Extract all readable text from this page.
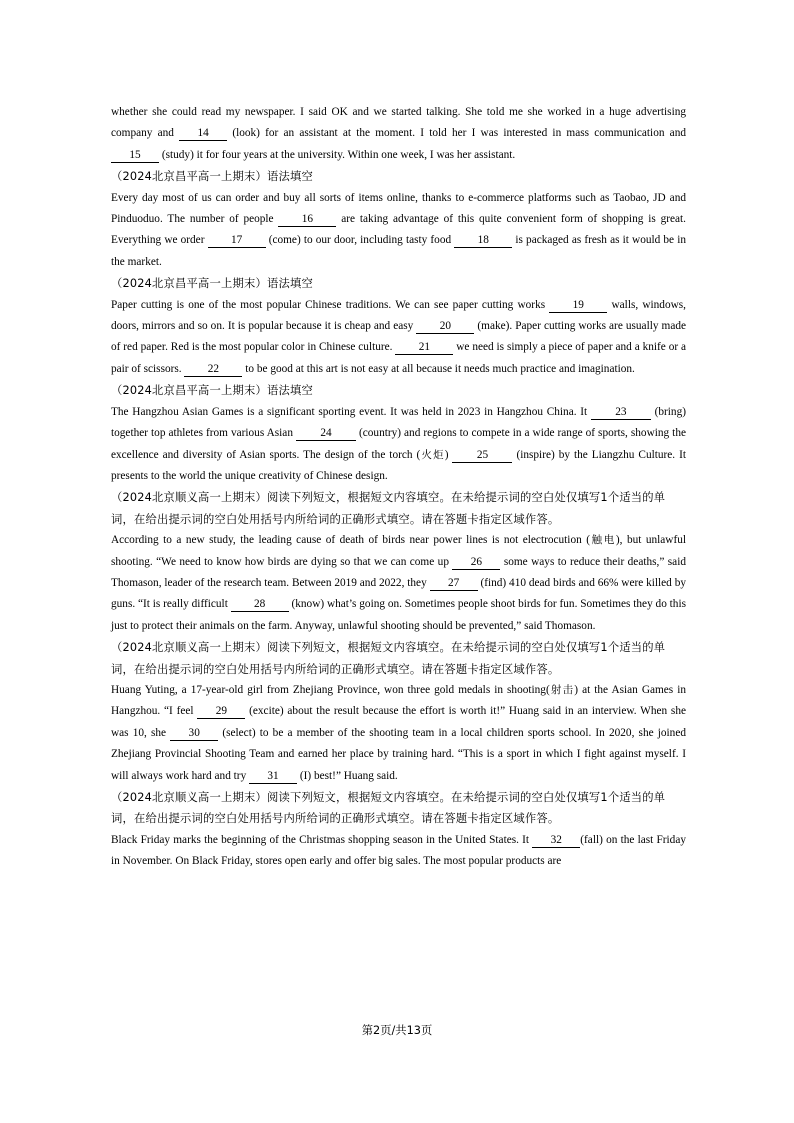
whether she could read my newspaper. I said OK and we started talking. She told me she worked in a huge advertising company and 14 (look) for an assistant at the moment. I told her I was interested in mass communication and 15 (study) it for four years at the university. Within one week, I was her assistant.

（2024北京昌平高一上期末）语法填空

Every day most of us can order and buy all sorts of items online, thanks to e-commerce platforms such as Taobao, JD and Pinduoduo. The number of people 16 are taking advantage of this quite convenient form of shopping is great. Everything we order 17 (come) to our door, including tasty food 18 is packaged as fresh as it would be in the market.

（2024北京昌平高一上期末）语法填空

Paper cutting is one of the most popular Chinese traditions. We can see paper cutting works 19 walls, windows, doors, mirrors and so on. It is popular because it is cheap and easy 20 (make). Paper cutting works are usually made of red paper. Red is the most popular color in Chinese culture. 21 we need is simply a piece of paper and a knife or a pair of scissors. 22 to be good at this art is not easy at all because it needs much practice and imagination.

（2024北京昌平高一上期末）语法填空

The Hangzhou Asian Games is a significant sporting event. It was held in 2023 in Hangzhou China. It 23 (bring) together top athletes from various Asian 24 (country) and regions to compete in a wide range of sports, showing the excellence and diversity of Asian sports. The design of the torch (火炬) 25 (inspire) by the Liangzhu Culture. It presents to the world the unique creativity of Chinese design.

（2024北京顺义高一上期末）阅读下列短文，根据短文内容填空。在未给提示词的空白处仅填写1个适当的单词，在给出提示词的空白处用括号内所给词的正确形式填空。请在答题卡指定区域作答。

According to a new study, the leading cause of death of birds near power lines is not electrocution (触电), but unlawful shooting. “We need to know how birds are dying so that we can come up 26 some ways to reduce their deaths,” said Thomason, leader of the research team. Between 2019 and 2022, they 27 (find) 410 dead birds and 66% were killed by guns. “It is really difficult 28 (know) what’s going on. Sometimes people shoot birds for fun. Sometimes they do this just to protect their animals on the farm. Anyway, unlawful shooting should be prevented,” said Thomason.

（2024北京顺义高一上期末）阅读下列短文，根据短文内容填空。在未给提示词的空白处仅填写1个适当的单词，在给出提示词的空白处用括号内所给词的正确形式填空。请在答题卡指定区域作答。

Huang Yuting, a 17-year-old girl from Zhejiang Province, won three gold medals in shooting(射击) at the Asian Games in Hangzhou. “I feel 29 (excite) about the result because the effort is worth it!” Huang said in an interview. When she was 10, she 30 (select) to be a member of the shooting team in a local children sports school. In 2020, she joined Zhejiang Provincial Shooting Team and earned her place by training hard. “This is a sport in which I fight against myself. I will always work hard and try 31 (I) best!” Huang said.

（2024北京顺义高一上期末）阅读下列短文，根据短文内容填空。在未给提示词的空白处仅填写1个适当的单词，在给出提示词的空白处用括号内所给词的正确形式填空。请在答题卡指定区域作答。

Black Friday marks the beginning of the Christmas shopping season in the United States. It 32 (fall) on the last Friday in November. On Black Friday, stores open early and offer big sales. The most popular products are

第2页/共13页
